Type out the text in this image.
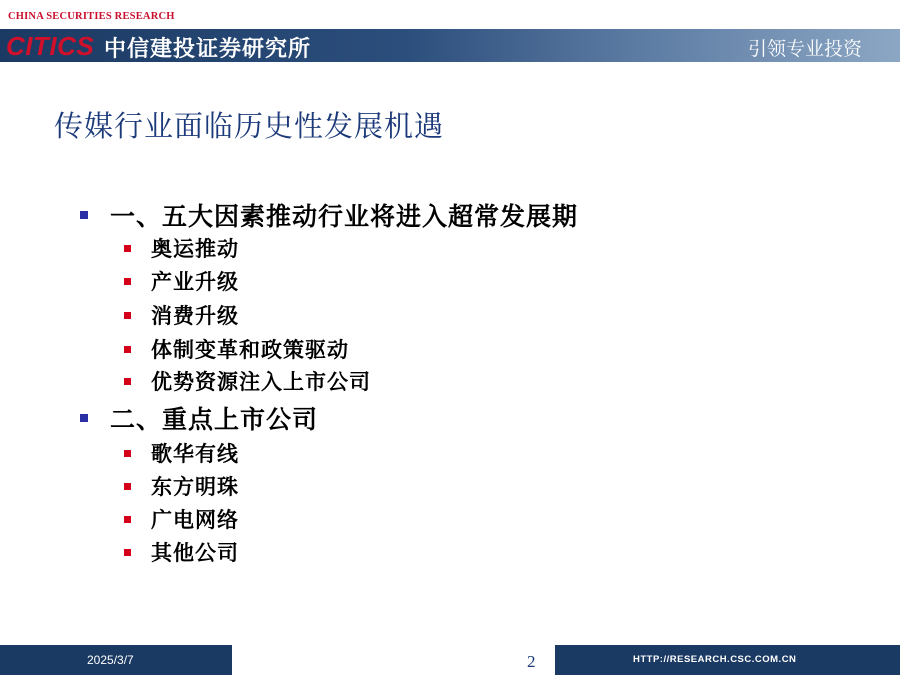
CHINA SECURITIES RESEARCH
CITICS 中信建投证券研究所	引领专业投资
传媒行业面临历史性发展机遇
一、五大因素推动行业将进入超常发展期
奥运推动
产业升级
消费升级
体制变革和政策驱动
优势资源注入上市公司
二、重点上市公司
歌华有线
东方明珠
广电网络
其他公司
2025/3/7	2	HTTP://RESEARCH.CSC.COM.CN
